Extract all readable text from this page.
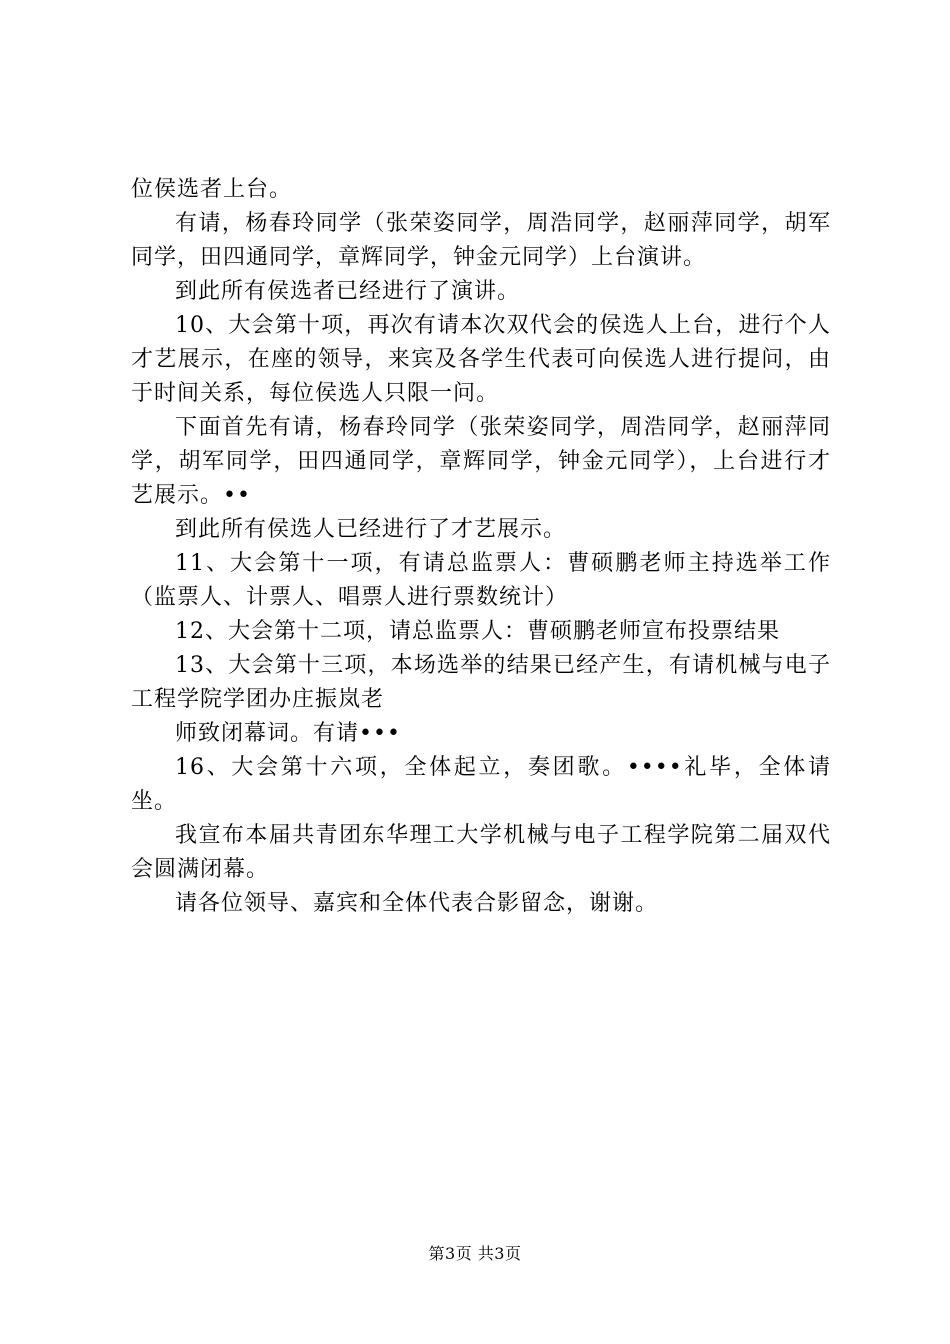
位侯选者上台。

有请，杨春玲同学（张荣姿同学，周浩同学，赵丽萍同学，胡军同学，田四通同学，章辉同学，钟金元同学）上台演讲。

到此所有侯选者已经进行了演讲。

10、大会第十项，再次有请本次双代会的侯选人上台，进行个人才艺展示，在座的领导，来宾及各学生代表可向侯选人进行提问，由于时间关系，每位侯选人只限一问。

下面首先有请，杨春玲同学（张荣姿同学，周浩同学，赵丽萍同学，胡军同学，田四通同学，章辉同学，钟金元同学），上台进行才艺展示。••

到此所有侯选人已经进行了才艺展示。

11、大会第十一项，有请总监票人：曹硕鹏老师主持选举工作（监票人、计票人、唱票人进行票数统计）

12、大会第十二项，请总监票人：曹硕鹏老师宣布投票结果

13、大会第十三项，本场选举的结果已经产生，有请机械与电子工程学院学团办庄振岚老

师致闭幕词。有请•••

16、大会第十六项，全体起立，奏团歌。••••礼毕，全体请坐。

我宣布本届共青团东华理工大学机械与电子工程学院第二届双代会圆满闭幕。

请各位领导、嘉宾和全体代表合影留念，谢谢。

第3页 共3页
